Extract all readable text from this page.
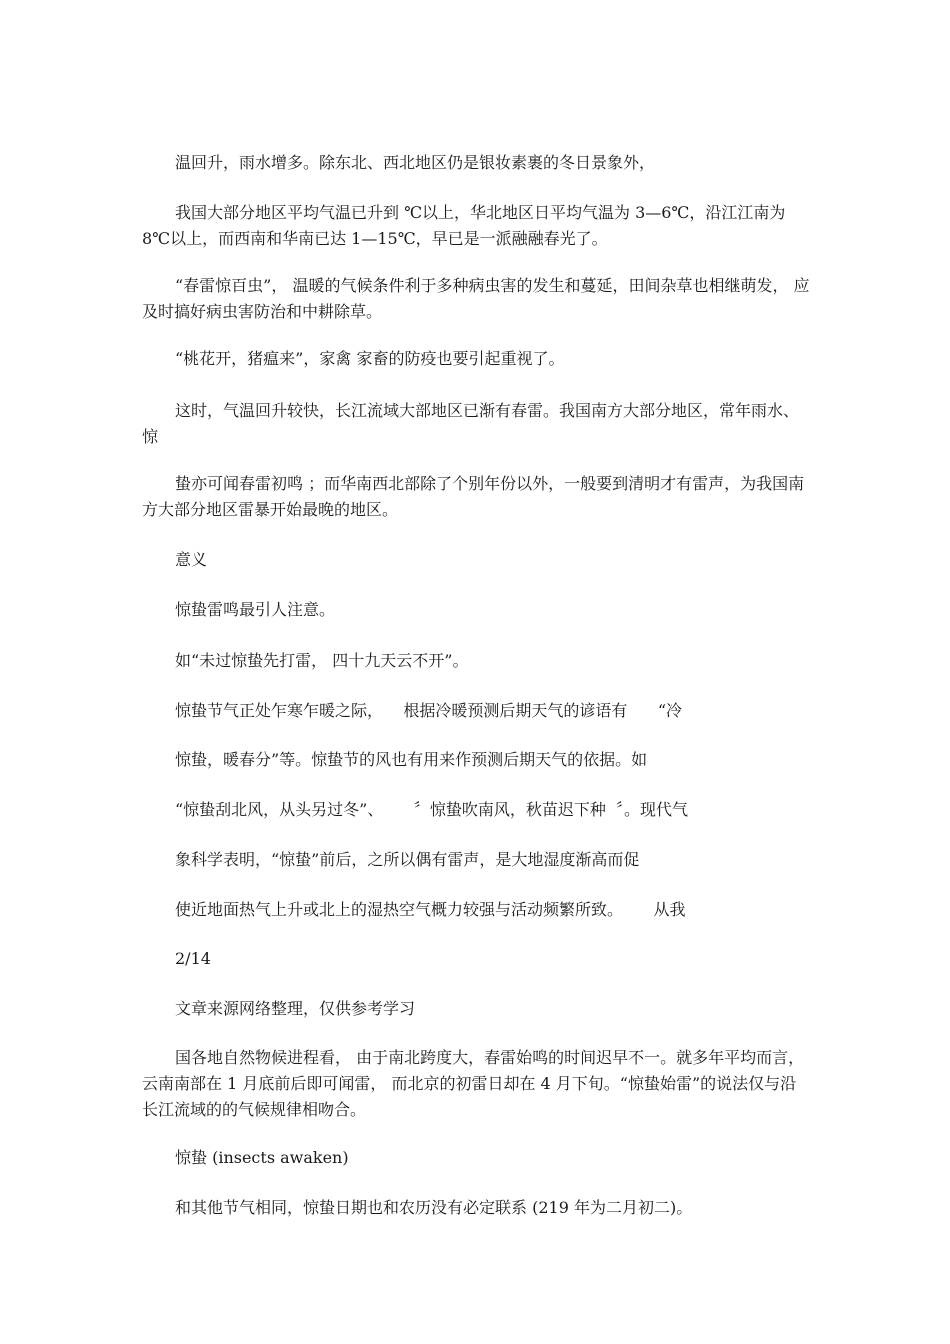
温回升，雨水增多。除东北、西北地区仍是银妆素裹的冬日景象外，
我国大部分地区平均气温已升到 ℃以上，华北地区日平均气温为 3—6℃，沿江江南为8℃以上，而西南和华南已达 1—15℃，早已是一派融融春光了。
“春雷惊百虫”， 温暖的气候条件利于多种病虫害的发生和蔓延，田间杂草也相继萌发， 应及时搞好病虫害防治和中耕除草。
“桃花开，猪瘟来”，家禽 家畜的防疫也要引起重视了。
这时，气温回升较快，长江流域大部地区已渐有春雷。我国南方大部分地区，常年雨水、惊
蛰亦可闻春雷初鸣 ；而华南西北部除了个别年份以外，一般要到清明才有雷声，为我国南方大部分地区雷暴开始最晚的地区。
意义
惊蛰雷鸣最引人注意。
如“未过惊蛰先打雷， 四十九天云不开”。
惊蛰节气正处乍寒乍暖之际，    根据冷暖预测后期天气的谚语有      “冷
惊蛰，暖春分”等。惊蛰节的风也有用来作预测后期天气的依据。如
“惊蛰刮北风，从头另过冬”、      〞惊蛰吹南风，秋苗迟下种  〞。现代气
象科学表明，“惊蛰”前后，之所以偶有雷声，是大地湿度渐高而促
使近地面热气上升或北上的湿热空气概力较强与活动频繁所致。      从我
2/14
文章来源网络整理，仅供参考学习
国各地自然物候进程看， 由于南北跨度大，春雷始鸣的时间迟早不一。就多年平均而言， 云南南部在 1 月底前后即可闻雷， 而北京的初雷日却在 4 月下旬。“惊蛰始雷”的说法仅与沿长江流域的的气候规律相吻合。
惊蛰 (insects awaken)
和其他节气相同，惊蛰日期也和农历没有必定联系 (219 年为二月初二)。
